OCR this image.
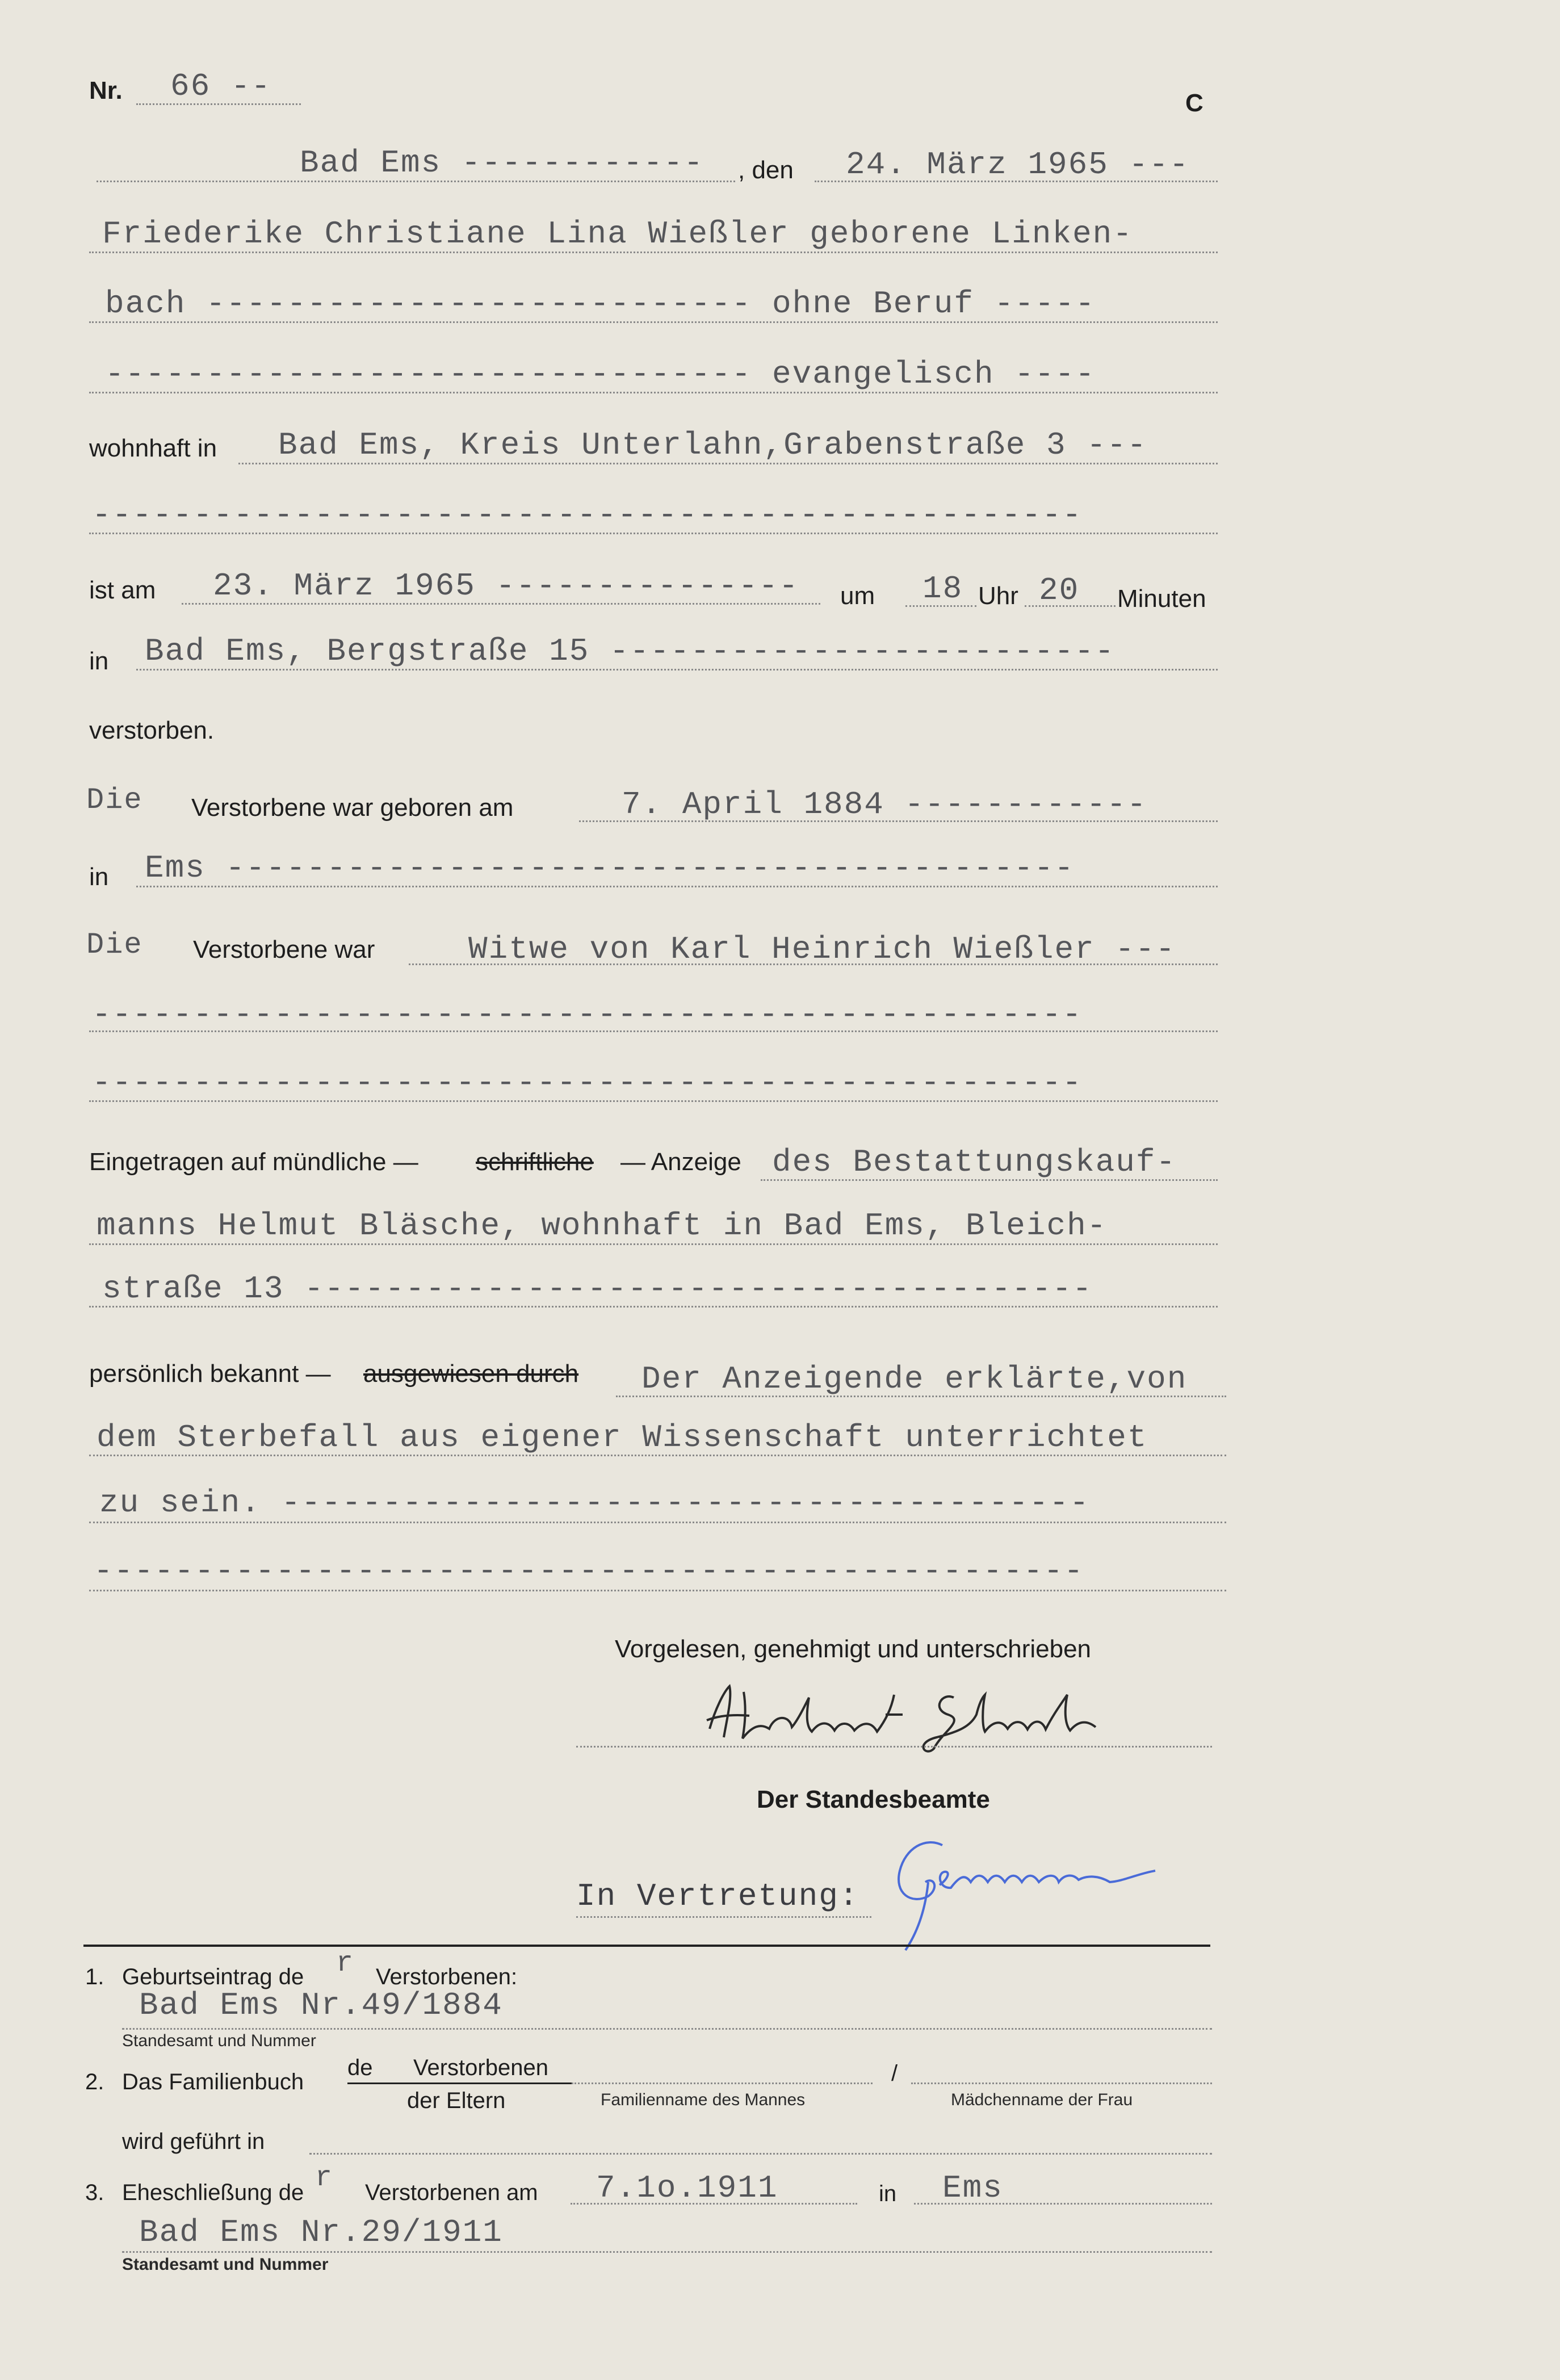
Nr. 66 --	C
Bad Ems ------------ , den 24. März 1965 ---
Friederike Christiane Lina Wießler geborene Linken-
bach --------------------------- ohne Beruf -----
-------------------------------- evangelisch ----
wohnhaft in Bad Ems, Kreis Unterlahn,Grabenstraße 3 ---
-------------------------------------------------
ist am 23. März 1965 --------------- um 18 Uhr 20 Minuten
in Bad Ems, Bergstraße 15 -------------------------
verstorben.
Die Verstorbene war geboren am	7. April 1884 ------------
in Ems ------------------------------------------
Die Verstorbene war	Witwe von Karl Heinrich Wießler ---
-------------------------------------------------
-------------------------------------------------
Eingetragen auf mündliche — schriftliche — Anzeige des Bestattungskauf-
manns Helmut Bläsche, wohnhaft in Bad Ems, Bleich-
straße 13 ---------------------------------------
persönlich bekannt — ausgewiesen durch Der Anzeigende erklärte,von
dem Sterbefall aus eigener Wissenschaft unterrichtet
zu sein. ----------------------------------------
-------------------------------------------------
Vorgelesen, genehmigt und unterschrieben
Der Standesbeamte
In Vertretung:
1. Geburtseintrag de r Verstorbenen:
Bad Ems Nr.49/1884
Standesamt und Nummer
2. Das Familienbuch
de Verstorbenen
der Eltern	Familienname des Mannes
/
Mädchenname der Frau
wird geführt in
3. Eheschließung de r Verstorbenen am 7.1o.1911	in Ems
Bad Ems Nr.29/1911
Standesamt und Nummer
